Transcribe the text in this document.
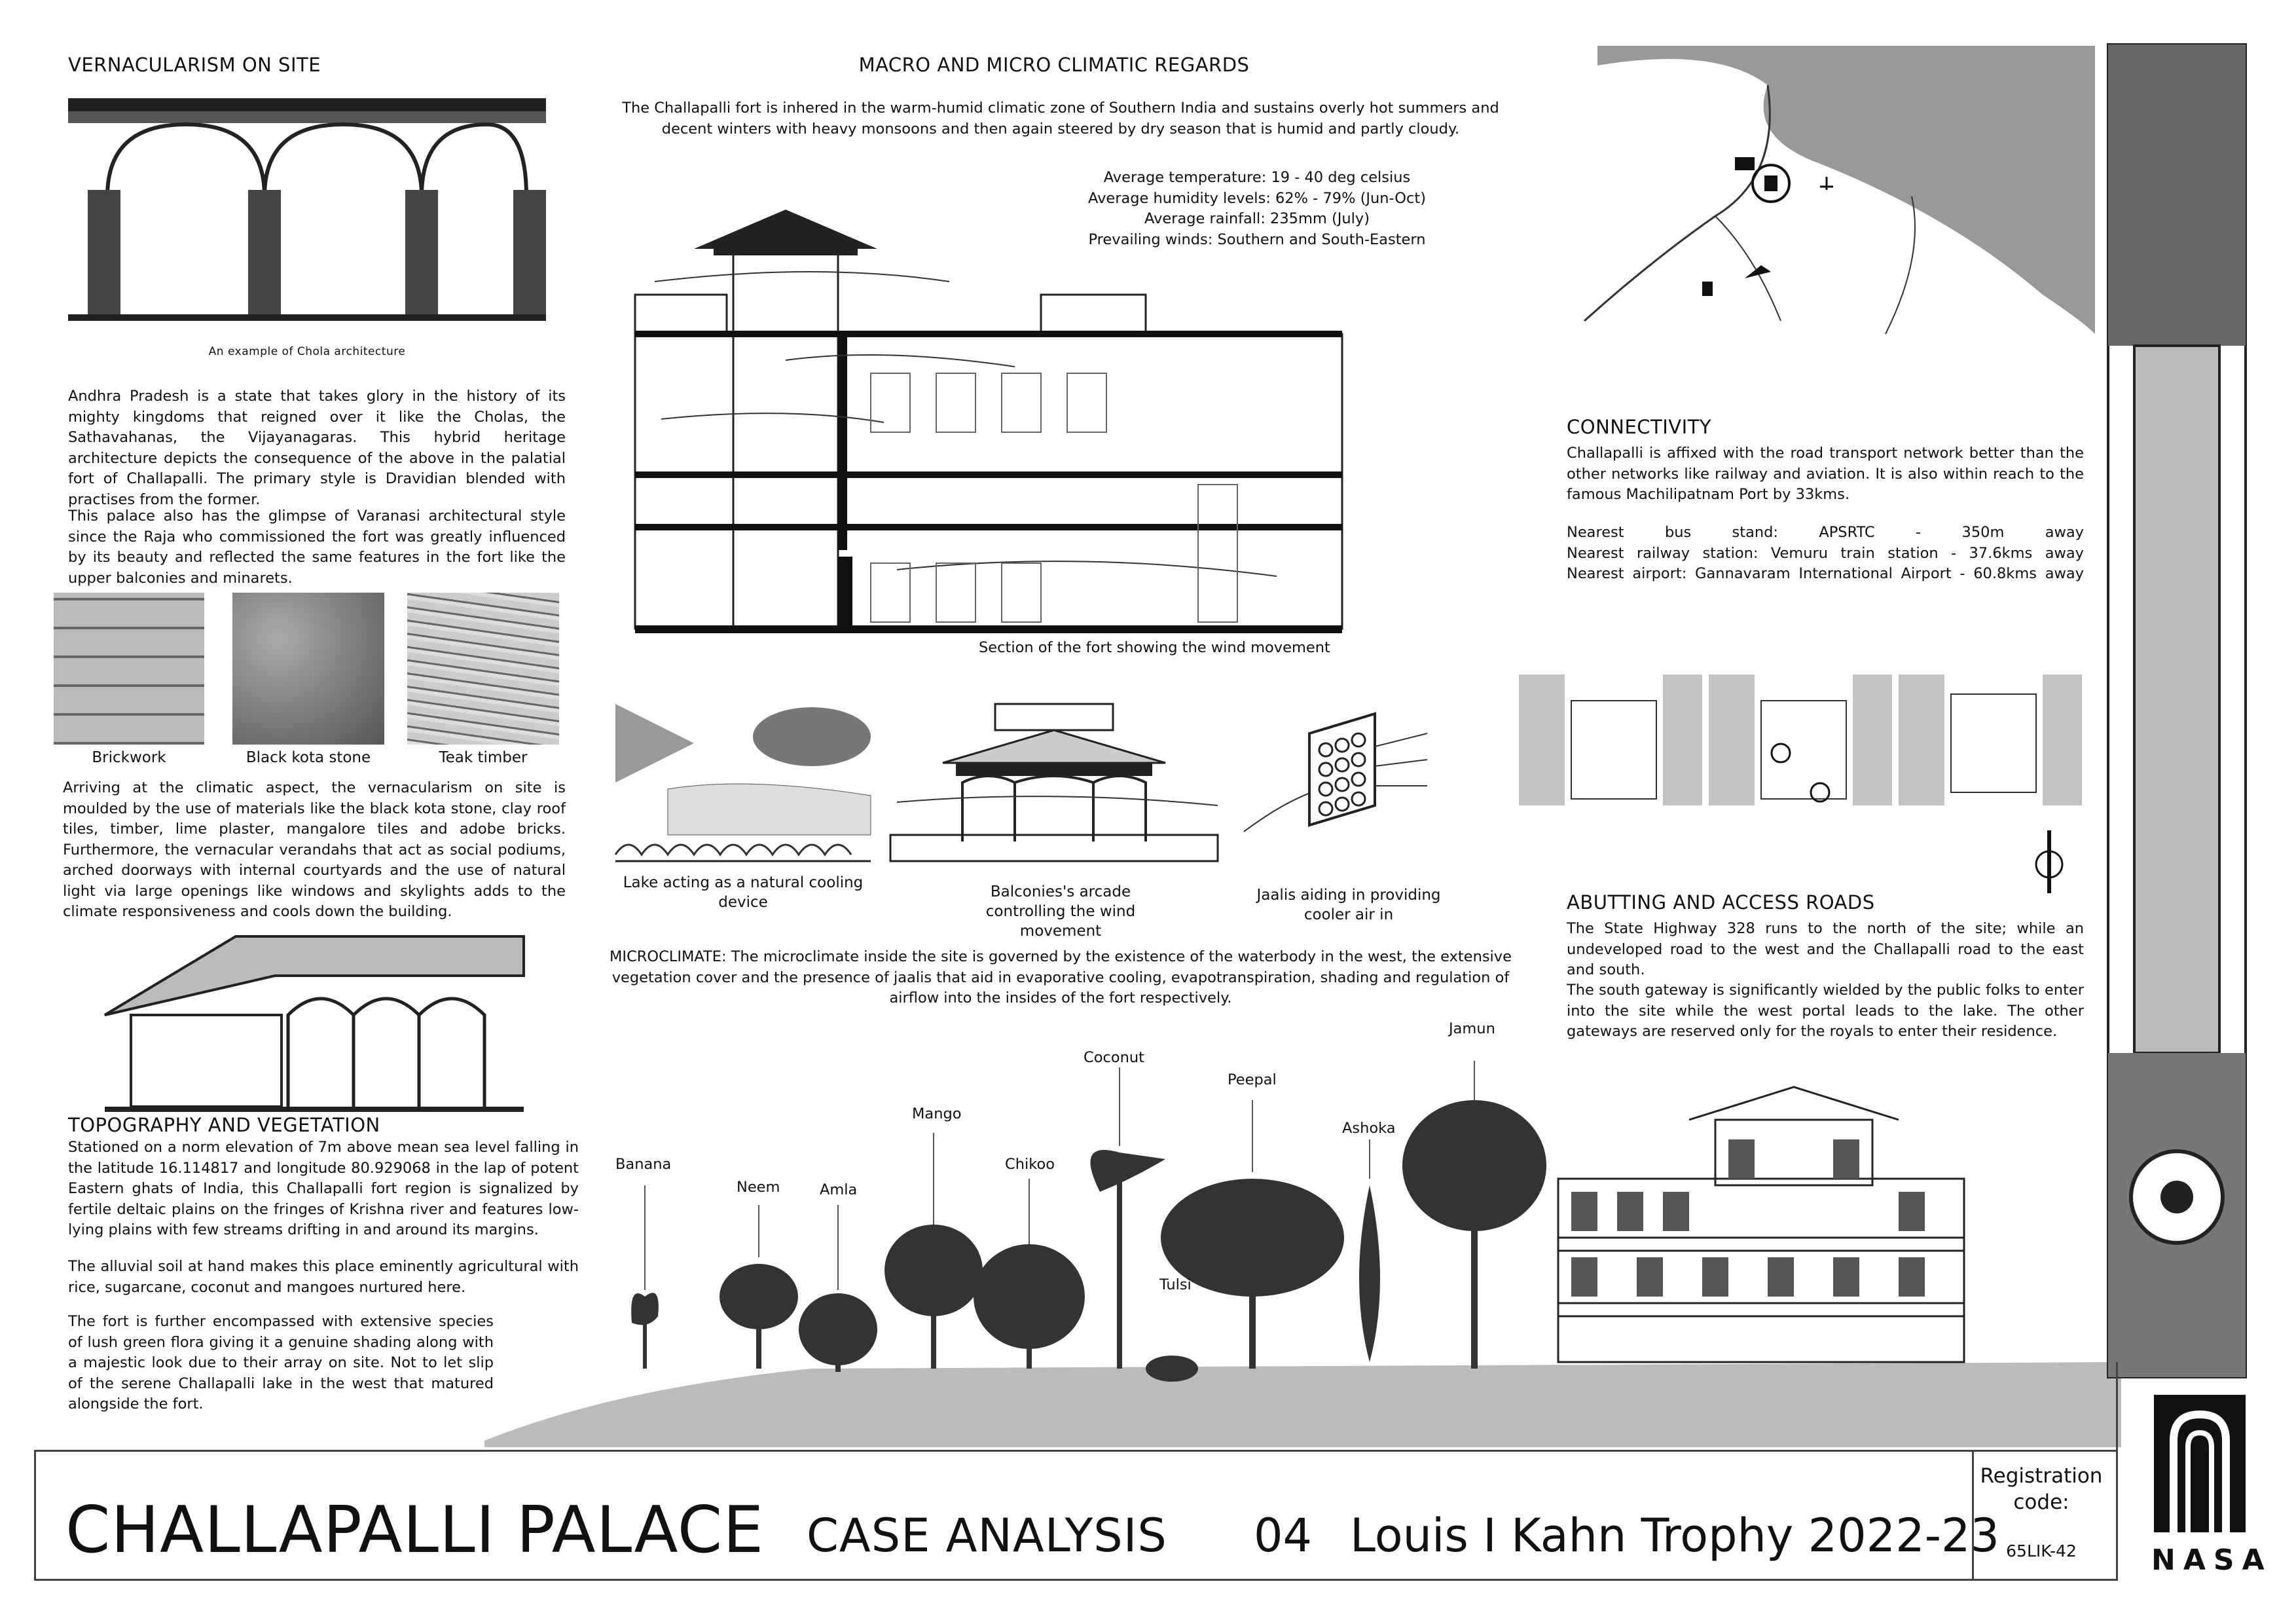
VERNACULARISM ON SITE
An example of Chola architecture
Andhra Pradesh is a state that takes glory in the history of its mighty kingdoms that reigned over it like the Cholas, the Sathavahanas, the Vijayanagaras. This hybrid heritage architecture depicts the consequence of the above in the palatial fort of Challapalli. The primary style is Dravidian blended with practises from the former.
This palace also has the glimpse of Varanasi architectural style since the Raja who commissioned the fort was greatly influenced by its beauty and reflected the same features in the fort like the upper balconies and minarets.
Brickwork	Black kota stone	Teak timber
Arriving at the climatic aspect, the vernacularism on site is moulded by the use of materials like the black kota stone, clay roof tiles, timber, lime plaster, mangalore tiles and adobe bricks. Furthermore, the vernacular verandahs that act as social podiums, arched doorways with internal courtyards and the use of natural light via large openings like windows and skylights adds to the climate responsiveness and cools down the building.
TOPOGRAPHY AND VEGETATION
Stationed on a norm elevation of 7m above mean sea level falling in the latitude 16.114817 and longitude 80.929068 in the lap of potent Eastern ghats of India, this Challapalli fort region is signalized by fertile deltaic plains on the fringes of Krishna river and features low-lying plains with few streams drifting in and around its margins.
The alluvial soil at hand makes this place eminently agricultural with rice, sugarcane, coconut and mangoes nurtured here.
The fort is further encompassed with extensive species of lush green flora giving it a genuine shading along with a majestic look due to their array on site. Not to let slip of the serene Challapalli lake in the west that matured alongside the fort.
MACRO AND MICRO CLIMATIC REGARDS
The Challapalli fort is inhered in the warm-humid climatic zone of Southern India and sustains overly hot summers and decent winters with heavy monsoons and then again steered by dry season that is humid and partly cloudy.
Average temperature: 19 - 40 deg celsius
Average humidity levels: 62% - 79% (Jun-Oct)
Average rainfall: 235mm (July)
Prevailing winds: Southern and South-Eastern
Section of the fort showing the wind movement
Lake acting as a natural cooling device
Balconies's arcade controlling the wind movement
Jaalis aiding in providing cooler air in
MICROCLIMATE: The microclimate inside the site is governed by the existence of the waterbody in the west, the extensive vegetation cover and the presence of jaalis that aid in evaporative cooling, evapotranspiration, shading and regulation of airflow into the insides of the fort respectively.
Banana
Neem	Amla
Mango
Chikoo
Coconut
Tulsi
Peepal
Ashoka
Jamun
CONNECTIVITY
Challapalli is affixed with the road transport network better than the other networks like railway and aviation. It is also within reach to the famous Machilipatnam Port by 33kms.
Nearest bus stand: APSRTC - 350m away
Nearest railway station: Vemuru train station - 37.6kms away
Nearest airport: Gannavaram International Airport - 60.8kms away
ABUTTING AND ACCESS ROADS
The State Highway 328 runs to the north of the site; while an undeveloped road to the west and the Challapalli road to the east and south.
The south gateway is significantly wielded by the public folks to enter into the site while the west portal leads to the lake. The other gateways are reserved only for the royals to enter their residence.
CHALLAPALLI PALACE CASE ANALYSIS 04 Louis I Kahn Trophy 2022-23
Registration code:
65LIK-42	NASA
